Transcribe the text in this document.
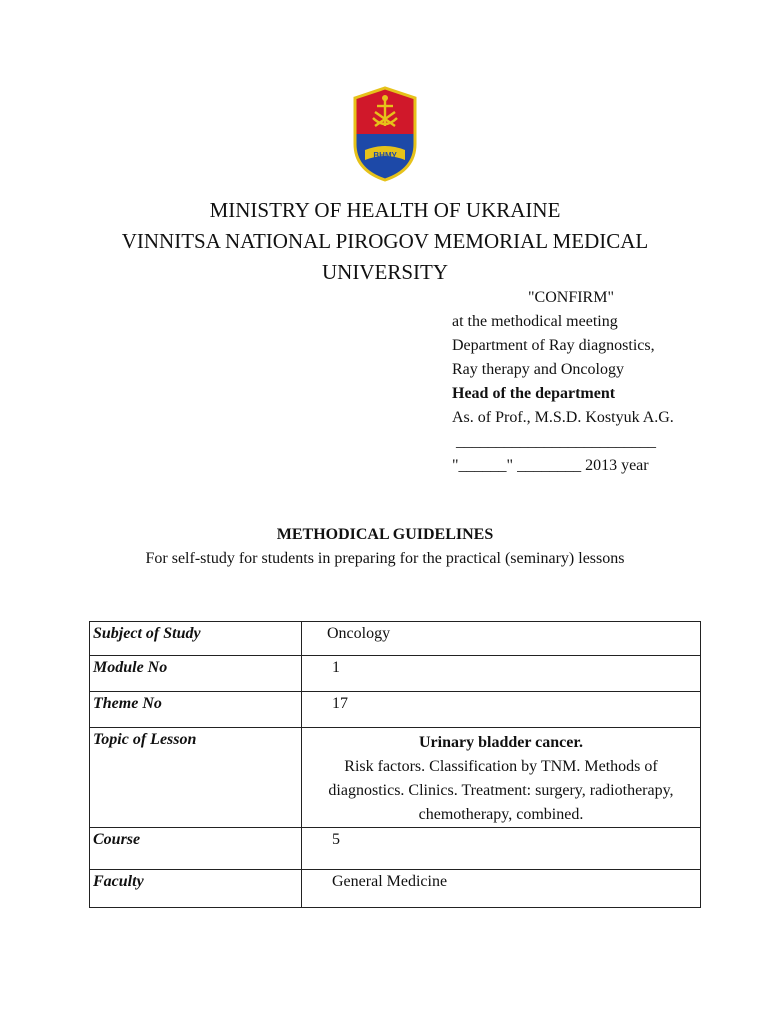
ВНМУ
MINISTRY OF HEALTH OF UKRAINE
VINNITSA NATIONAL PIROGOV MEMORIAL MEDICAL
UNIVERSITY
"CONFIRM"
at the methodical meeting
Department of Ray diagnostics,
Ray therapy and Oncology
Head of the department
As. of Prof., M.S.D. Kostyuk A.G.
_________________________
"______" ________ 2013 year
METHODICAL GUIDELINES
For self-study for students in preparing for the practical (seminary) lessons
Subject of Study	Oncology
Module No	1
Theme No	17
Topic of Lesson	Urinary bladder cancer.
Risk factors. Classification by TNM. Methods of diagnostics. Clinics. Treatment: surgery, radiotherapy, chemotherapy, combined.

Course	5
Faculty	General Medicine
